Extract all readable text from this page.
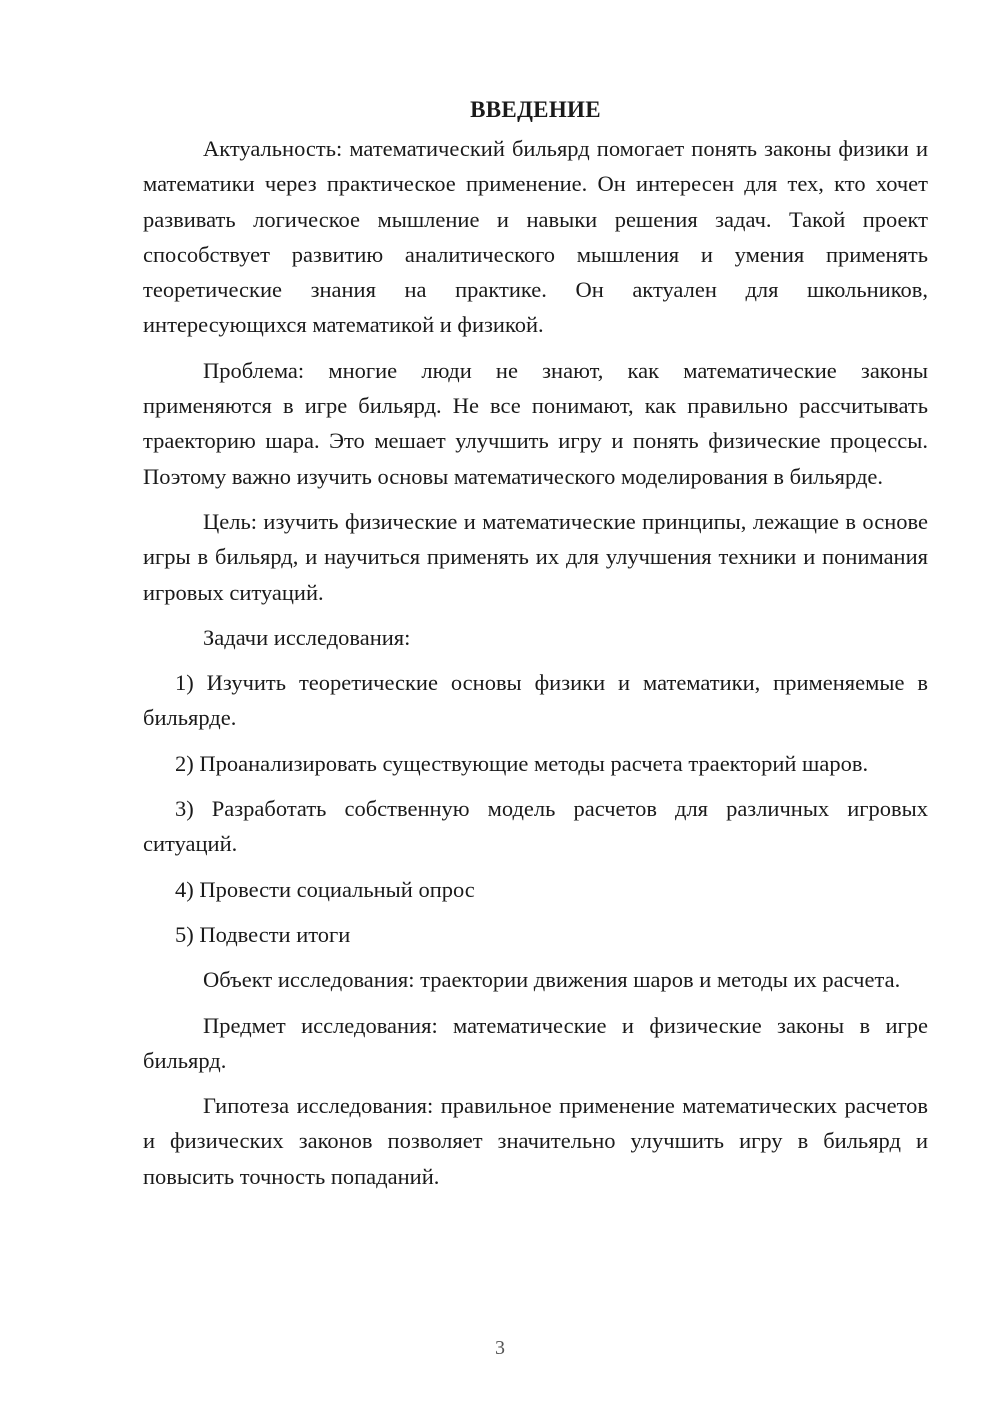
ВВЕДЕНИЕ

Актуальность: математический бильярд помогает понять законы физики и математики через практическое применение. Он интересен для тех, кто хочет развивать логическое мышление и навыки решения задач. Такой проект способствует развитию аналитического мышления и умения применять теоретические знания на практике. Он актуален для школьников, интересующихся математикой и физикой.

Проблема: многие люди не знают, как математические законы применяются в игре бильярд. Не все понимают, как правильно рассчитывать траекторию шара. Это мешает улучшить игру и понять физические процессы. Поэтому важно изучить основы математического моделирования в бильярде.

Цель: изучить физические и математические принципы, лежащие в основе игры в бильярд, и научиться применять их для улучшения техники и понимания игровых ситуаций.

Задачи исследования:

1) Изучить теоретические основы физики и математики, применяемые в бильярде.

2) Проанализировать существующие методы расчета траекторий шаров.

3) Разработать собственную модель расчетов для различных игровых ситуаций.

4) Провести социальный опрос

5) Подвести итоги

Объект исследования: траектории движения шаров и методы их расчета.

Предмет исследования: математические и физические законы в игре бильярд.

Гипотеза исследования: правильное применение математических расчетов и физических законов позволяет значительно улучшить игру в бильярд и повысить точность попаданий.

3
